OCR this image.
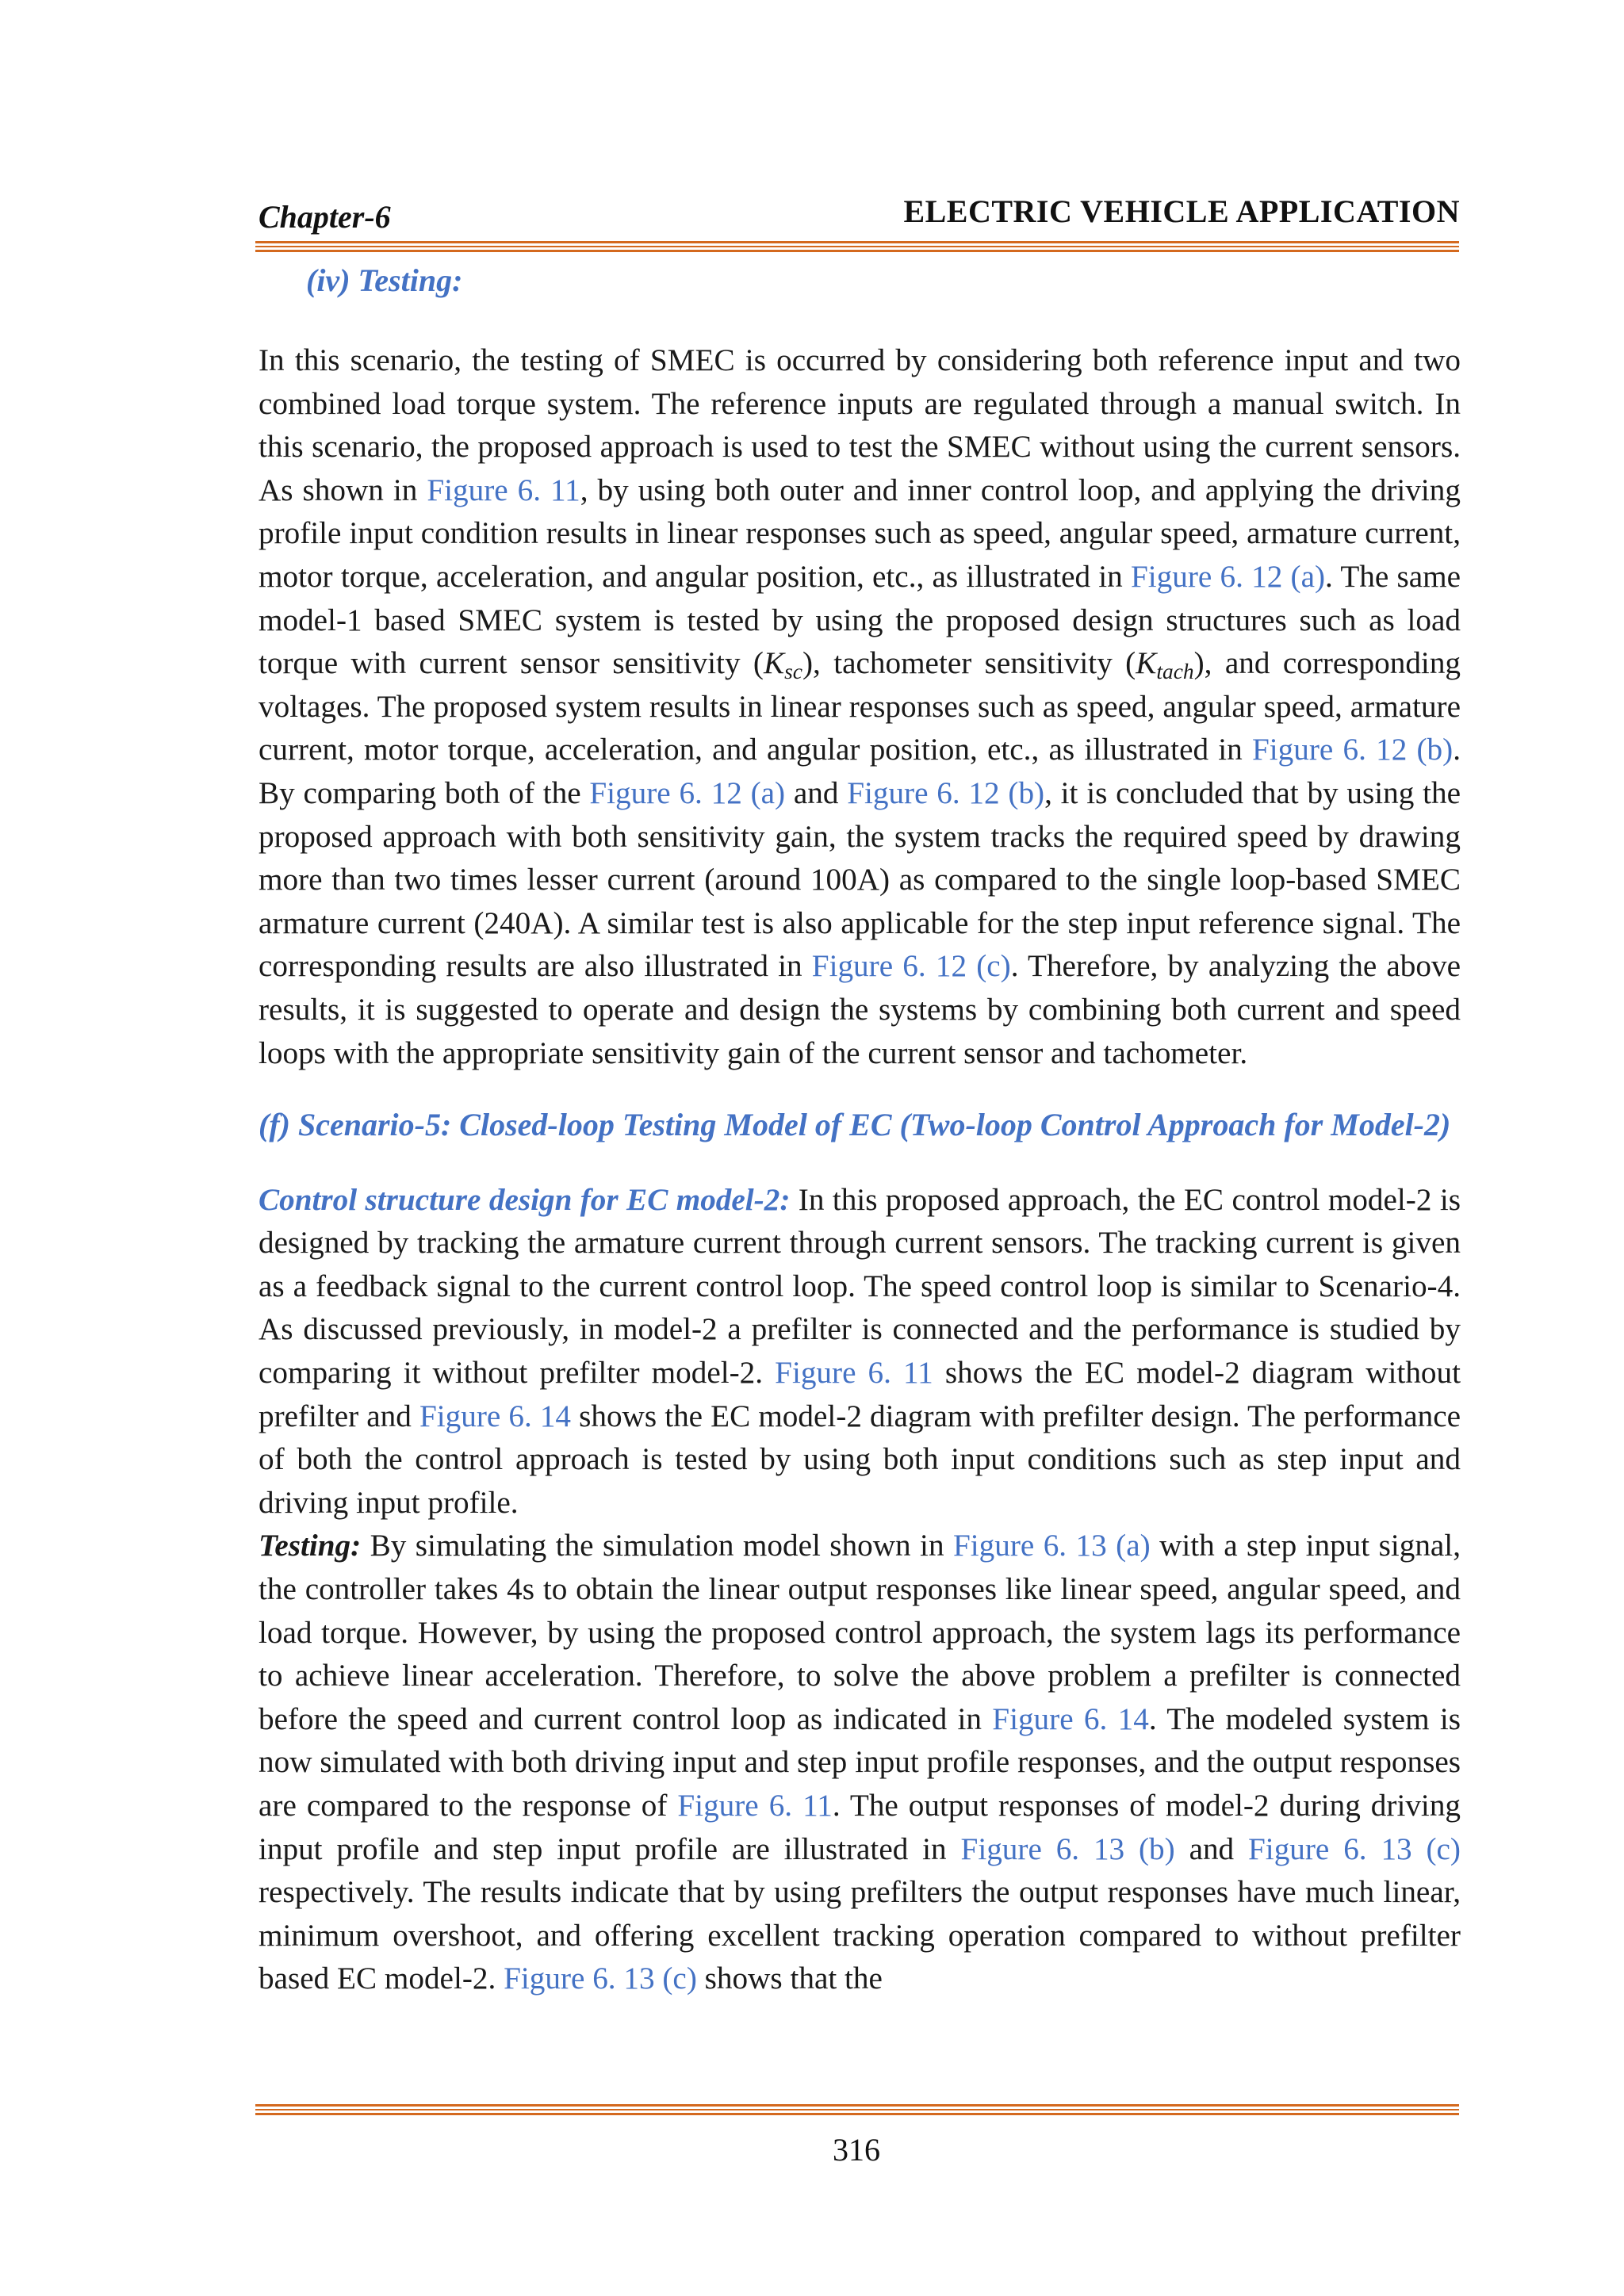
Chapter-6	ELECTRIC VEHICLE APPLICATION
(iv) Testing:

In this scenario, the testing of SMEC is occurred by considering both reference input and two combined load torque system. The reference inputs are regulated through a manual switch. In this scenario, the proposed approach is used to test the SMEC without using the current sensors. As shown in Figure 6. 11, by using both outer and inner control loop, and applying the driving profile input condition results in linear responses such as speed, angular speed, armature current, motor torque, acceleration, and angular position, etc., as illustrated in Figure 6. 12 (a). The same model-1 based SMEC system is tested by using the proposed design structures such as load torque with current sensor sensitivity $(K_{sc})$, tachometer sensitivity $(K_{tach})$, and corresponding voltages. The proposed system results in linear responses such as speed, angular speed, armature current, motor torque, acceleration, and angular position, etc., as illustrated in Figure 6. 12 (b). By comparing both of the Figure 6. 12 (a) and Figure 6. 12 (b), it is concluded that by using the proposed approach with both sensitivity gain, the system tracks the required speed by drawing more than two times lesser current (around 100A) as compared to the single loop-based SMEC armature current (240A). A similar test is also applicable for the step input reference signal. The corresponding results are also illustrated in Figure 6. 12 (c). Therefore, by analyzing the above results, it is suggested to operate and design the systems by combining both current and speed loops with the appropriate sensitivity gain of the current sensor and tachometer.

(f) Scenario-5: Closed-loop Testing Model of EC (Two-loop Control Approach for Model-2)

Control structure design for EC model-2: In this proposed approach, the EC control model-2 is designed by tracking the armature current through current sensors. The tracking current is given as a feedback signal to the current control loop. The speed control loop is similar to Scenario-4. As discussed previously, in model-2 a prefilter is connected and the performance is studied by comparing it without prefilter model-2. Figure 6. 11 shows the EC model-2 diagram without prefilter and Figure 6. 14 shows the EC model-2 diagram with prefilter design. The performance of both the control approach is tested by using both input conditions such as step input and driving input profile.

Testing: By simulating the simulation model shown in Figure 6. 13 (a) with a step input signal, the controller takes 4s to obtain the linear output responses like linear speed, angular speed, and load torque. However, by using the proposed control approach, the system lags its performance to achieve linear acceleration. Therefore, to solve the above problem a prefilter is connected before the speed and current control loop as indicated in Figure 6. 14. The modeled system is now simulated with both driving input and step input profile responses, and the output responses are compared to the response of Figure 6. 11. The output responses of model-2 during driving input profile and step input profile are illustrated in Figure 6. 13 (b) and Figure 6. 13 (c) respectively. The results indicate that by using prefilters the output responses have much linear, minimum overshoot, and offering excellent tracking operation compared to without prefilter based EC model-2. Figure 6. 13 (c) shows that the

316
